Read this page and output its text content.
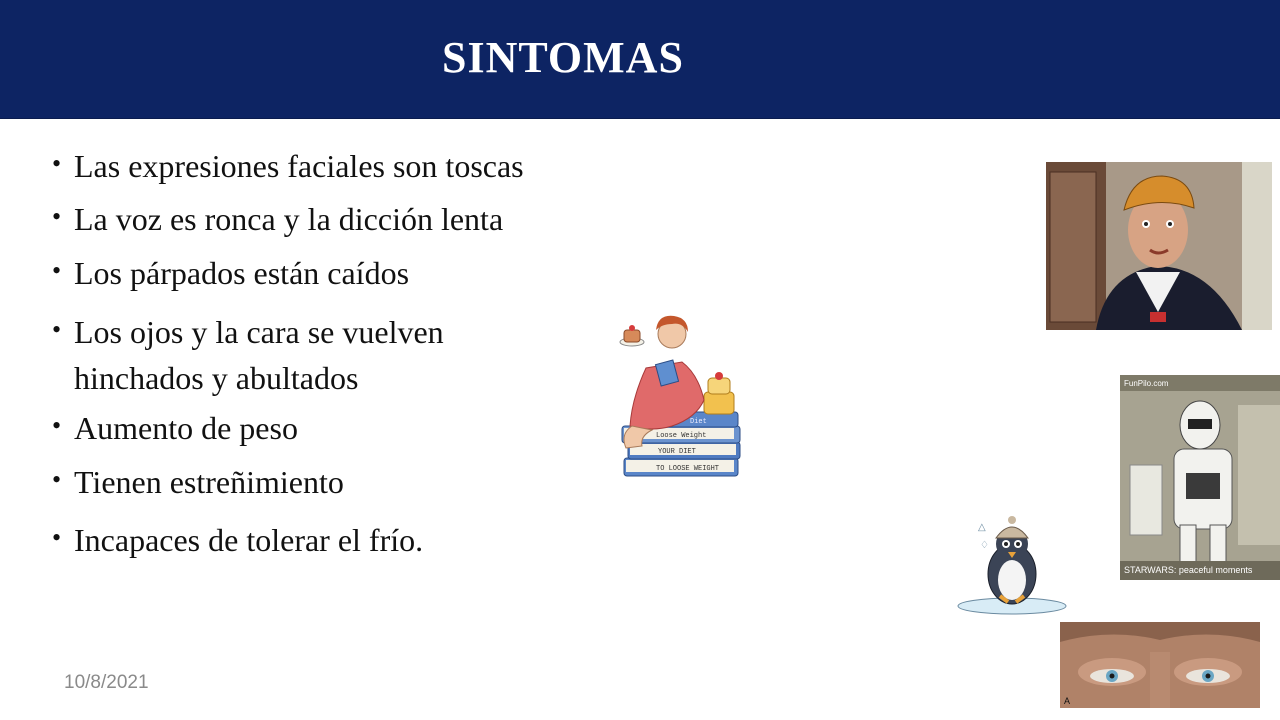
SINTOMAS
• Las expresiones faciales son toscas
• La voz es ronca y la dicción lenta
• Los párpados están caídos
• Los ojos y la cara se vuelven
hinchados y abultados
• Aumento de peso
• Tienen estreñimiento
• Incapaces de tolerar el frío.
TO LOOSE WEIGHT
YOUR DIET
Loose Weight
Diet
FunPilo.com
STARWARS: peaceful moments
△
♢
A
10/8/2021
